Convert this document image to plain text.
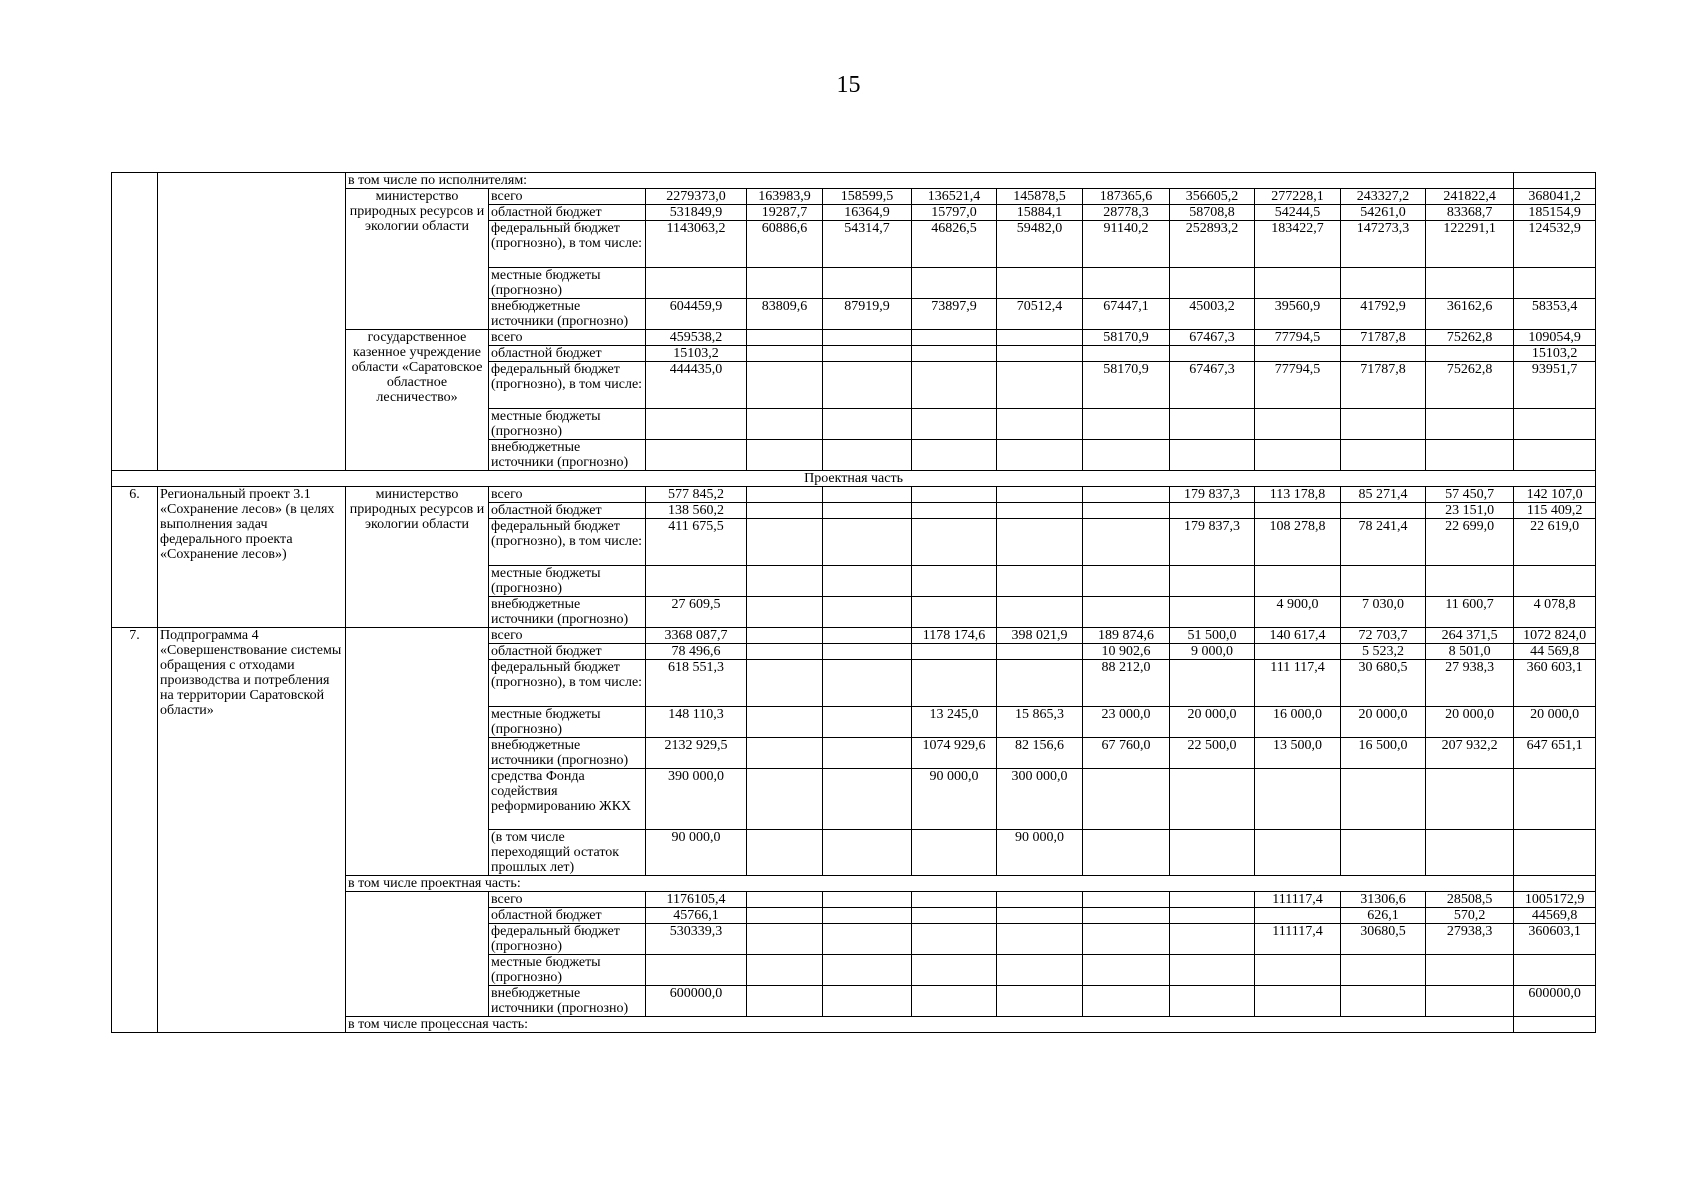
15
		в том числе по исполнителям:												
		министерство природных ресурсов и экологии области	всего	2279373,0	163983,9	158599,5	136521,4	145878,5	187365,6	356605,2	277228,1	243327,2	241822,4	368041,2
			областной бюджет	531849,9	19287,7	16364,9	15797,0	15884,1	28778,3	58708,8	54244,5	54261,0	83368,7	185154,9
			федеральный бюджет (прогнозно), в том числе:	1143063,2	60886,6	54314,7	46826,5	59482,0	91140,2	252893,2	183422,7	147273,3	122291,1	124532,9
			местные бюджеты (прогнозно)											
			внебюджетные источники (прогнозно)	604459,9	83809,6	87919,9	73897,9	70512,4	67447,1	45003,2	39560,9	41792,9	36162,6	58353,4
		государственное казенное учреждение области «Саратовское областное лесничество»	всего	459538,2					58170,9	67467,3	77794,5	71787,8	75262,8	109054,9
			областной бюджет	15103,2										15103,2
			федеральный бюджет (прогнозно), в том числе:	444435,0					58170,9	67467,3	77794,5	71787,8	75262,8	93951,7
			местные бюджеты (прогнозно)											
			внебюджетные источники (прогнозно)											
Проектная часть														
6.	Региональный проект 3.1 «Сохранение лесов» (в целях выполнения задач федерального проекта «Сохранение лесов»)	министерство природных ресурсов и экологии области	всего	577 845,2						179 837,3	113 178,8	85 271,4	57 450,7	142 107,0
			областной бюджет	138 560,2									23 151,0	115 409,2
			федеральный бюджет (прогнозно), в том числе:	411 675,5						179 837,3	108 278,8	78 241,4	22 699,0	22 619,0
			местные бюджеты (прогнозно)											
			внебюджетные источники (прогнозно)	27 609,5							4 900,0	7 030,0	11 600,7	4 078,8
7.	Подпрограмма 4 «Совершенствование системы обращения с отходами производства и потребления на территории Саратовской области»		всего	3368 087,7			1178 174,6	398 021,9	189 874,6	51 500,0	140 617,4	72 703,7	264 371,5	1072 824,0
			областной бюджет	78 496,6					10 902,6	9 000,0		5 523,2	8 501,0	44 569,8
			федеральный бюджет (прогнозно), в том числе:	618 551,3					88 212,0		111 117,4	30 680,5	27 938,3	360 603,1
			местные бюджеты (прогнозно)	148 110,3			13 245,0	15 865,3	23 000,0	20 000,0	16 000,0	20 000,0	20 000,0	20 000,0
			внебюджетные источники (прогнозно)	2132 929,5			1074 929,6	82 156,6	67 760,0	22 500,0	13 500,0	16 500,0	207 932,2	647 651,1
			средства Фонда содействия реформированию ЖКХ	390 000,0			90 000,0	300 000,0						
			(в том числе переходящий остаток прошлых лет)	90 000,0				90 000,0						
		в том числе проектная часть:												
			всего	1176105,4							111117,4	31306,6	28508,5	1005172,9
			областной бюджет	45766,1								626,1	570,2	44569,8
			федеральный бюджет (прогнозно)	530339,3							111117,4	30680,5	27938,3	360603,1
			местные бюджеты (прогнозно)											
			внебюджетные источники (прогнозно)	600000,0										600000,0
		в том числе процессная часть:												
